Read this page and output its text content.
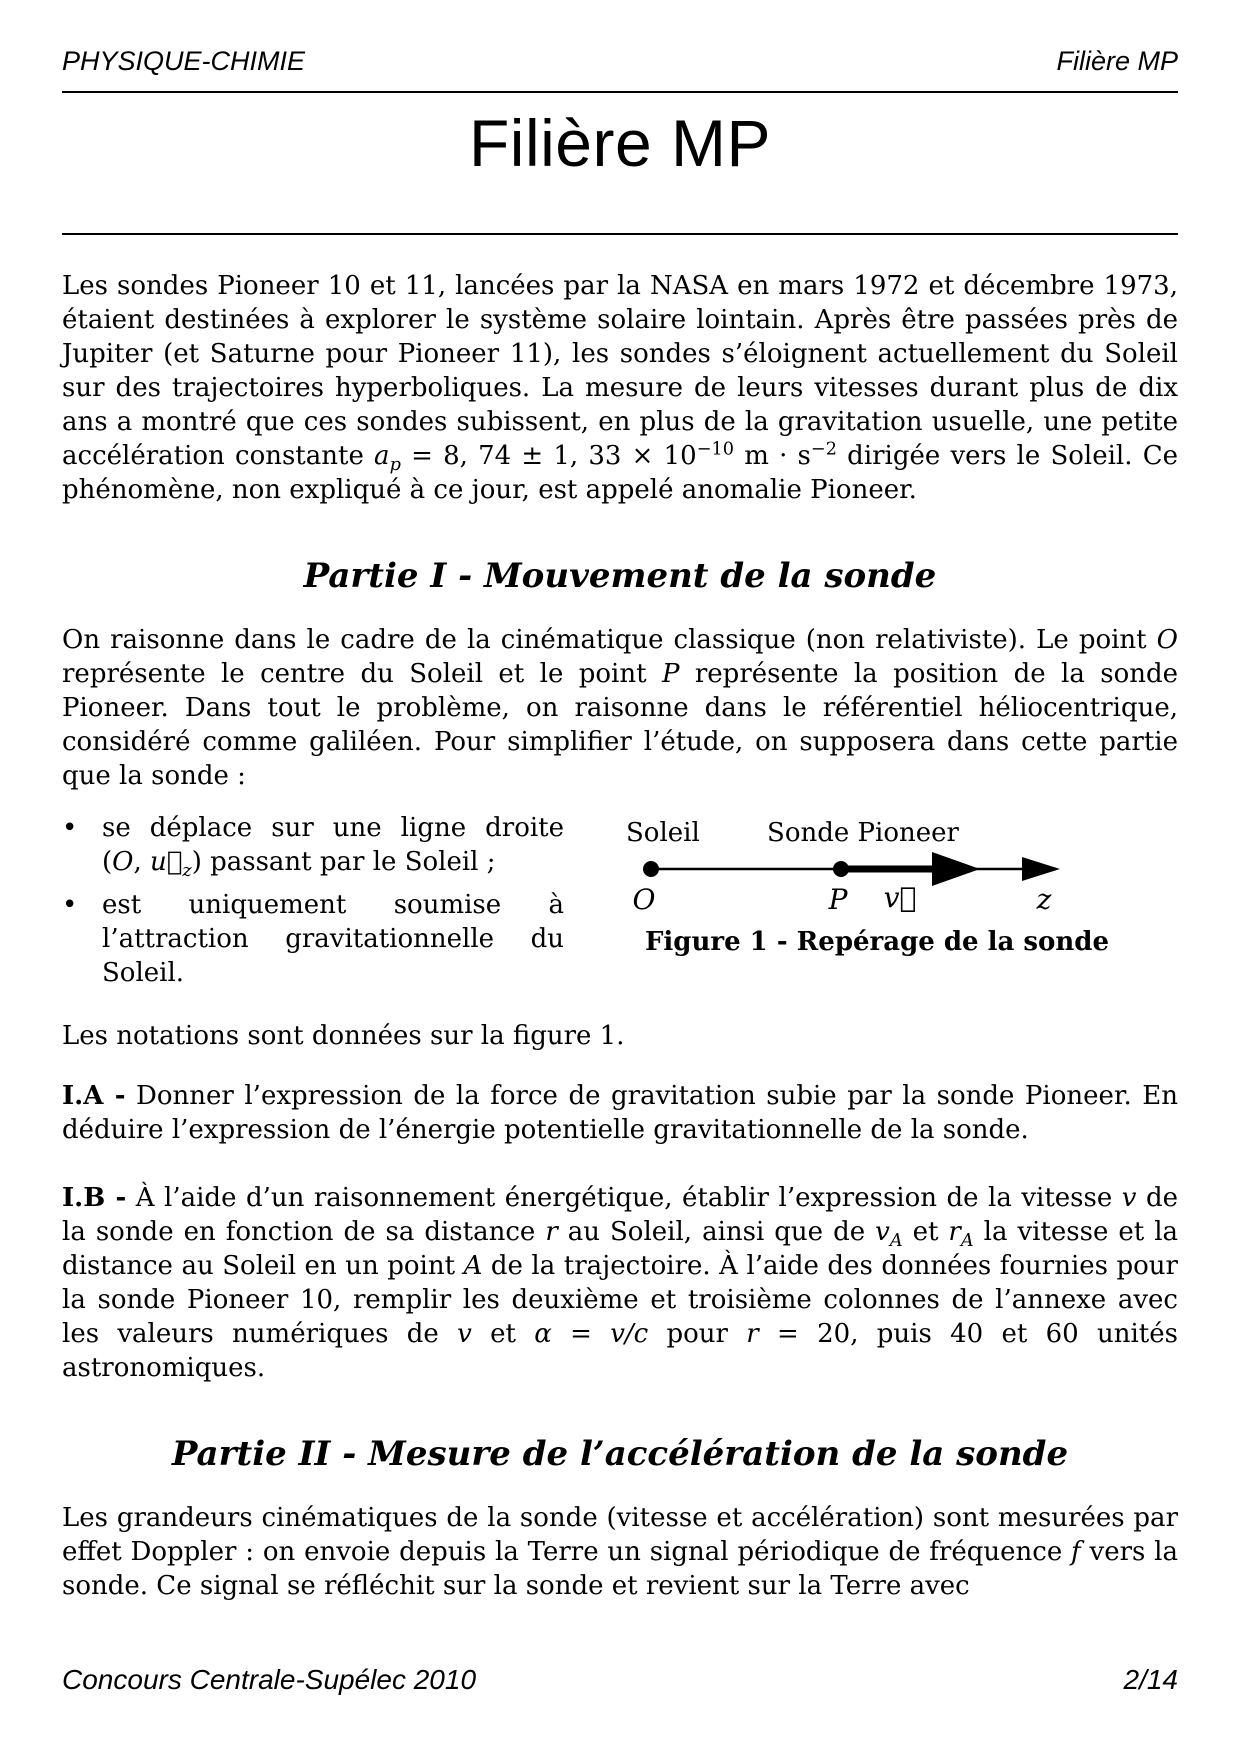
PHYSIQUE-CHIMIE	Filière MP
Filière MP

Les sondes Pioneer 10 et 11, lancées par la NASA en mars 1972 et décembre 1973, étaient destinées à explorer le système solaire lointain. Après être passées près de Jupiter (et Saturne pour Pioneer 11), les sondes s’éloignent actuellement du Soleil sur des trajectoires hyperboliques. La mesure de leurs vitesses durant plus de dix ans a montré que ces sondes subissent, en plus de la gravitation usuelle, une petite accélération constante $a_p = 8$, 74 ± 1, $33 \times 10^{-10}$ $m \cdot s^{-2}$ dirigée vers le Soleil. Ce phénomène, non expliqué à ce jour, est appelé anomalie Pioneer.

Partie I - Mouvement de la sonde

On raisonne dans le cadre de la cinématique classique (non relativiste). Le point O représente le centre du Soleil et le point P représente la position de la sonde Pioneer. Dans tout le problème, on raisonne dans le référentiel héliocentrique, considéré comme galiléen. Pour simplifier l’étude, on supposera dans cette partie que la sonde :

• se déplace sur une ligne droite (O, $u⃗_z$) passant par le Soleil ;
• est uniquement soumise à l’attraction gravitationnelle du Soleil.
Soleil	Sonde Pioneer
O	P v⃗	z
Figure 1 - Repérage de la sonde

Les notations sont données sur la figure 1.

I.A - Donner l’expression de la force de gravitation subie par la sonde Pioneer. En déduire l’expression de l’énergie potentielle gravitationnelle de la sonde.

I.B - À l’aide d’un raisonnement énergétique, établir l’expression de la vitesse v de la sonde en fonction de sa distance r au Soleil, ainsi que de $v_A$ et $r_A$ la vitesse et la distance au Soleil en un point A de la trajectoire. À l’aide des données fournies pour la sonde Pioneer 10, remplir les deuxième et troisième colonnes de l’annexe avec les valeurs numériques de v et α = v/c pour r = 20, puis 40 et 60 unités astronomiques.

Partie II - Mesure de l’accélération de la sonde

Les grandeurs cinématiques de la sonde (vitesse et accélération) sont mesurées par effet Doppler : on envoie depuis la Terre un signal périodique de fréquence f vers la sonde. Ce signal se réfléchit sur la sonde et revient sur la Terre avec

Concours Centrale-Supélec 2010	2/14
